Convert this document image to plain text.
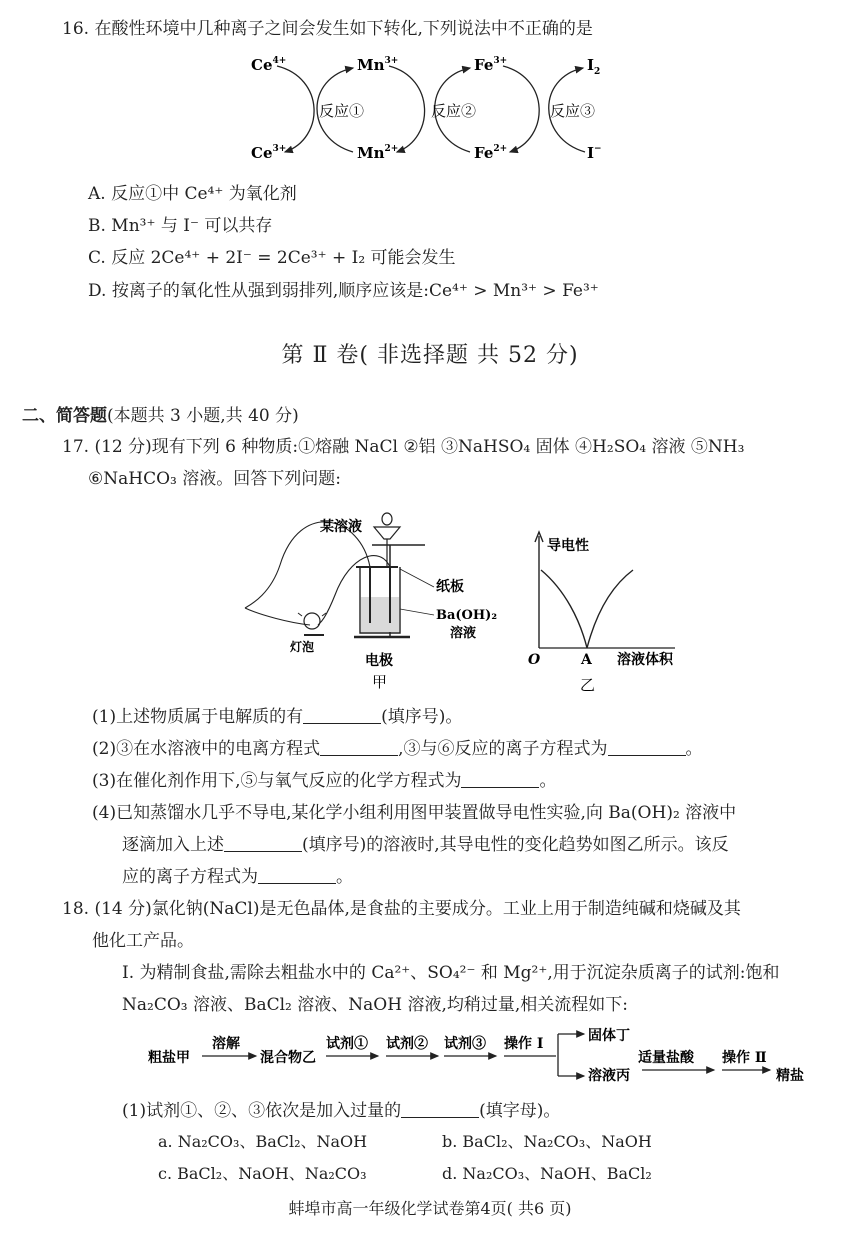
16. 在酸性环境中几种离子之间会发生如下转化,下列说法中不正确的是
$Ce^{4+}$	$Mn^{3+}$	$Fe^{3+}$	$I_2$
$Ce^{3+}$	$Mn^{2+}$	$Fe^{2+}$	I−
反应①	反应②	反应③
A. 反应①中 Ce⁴⁺ 为氧化剂
B. Mn³⁺ 与 I⁻ 可以共存
C. 反应 2Ce⁴⁺ + 2I⁻ = 2Ce³⁺ + I₂ 可能会发生
D. 按离子的氧化性从强到弱排列,顺序应该是:Ce⁴⁺ > Mn³⁺ > Fe³⁺
第 Ⅱ 卷( 非选择题 共 52 分)
二、简答题(本题共 3 小题,共 40 分)
17. (12 分)现有下列 6 种物质:①熔融 NaCl ②铝 ③NaHSO₄ 固体 ④H₂SO₄ 溶液 ⑤NH₃
⑥NaHCO₃ 溶液。回答下列问题:
某溶液
纸板
Ba(OH)₂
溶液
灯泡
电极
甲
导电性
O	A 溶液体积
乙
(1)上述物质属于电解质的有	(填序号)。
(2)③在水溶液中的电离方程式	,③与⑥反应的离子方程式为	。
(3)在催化剂作用下,⑤与氧气反应的化学方程式为	。
(4)已知蒸馏水几乎不导电,某化学小组利用图甲装置做导电性实验,向 Ba(OH)₂ 溶液中
逐滴加入上述	(填序号)的溶液时,其导电性的变化趋势如图乙所示。该反
应的离子方程式为	。
18. (14 分)氯化钠(NaCl)是无色晶体,是食盐的主要成分。工业上用于制造纯碱和烧碱及其
他化工产品。
Ⅰ. 为精制食盐,需除去粗盐水中的 Ca²⁺、SO₄²⁻ 和 Mg²⁺,用于沉淀杂质离子的试剂:饱和
Na₂CO₃ 溶液、BaCl₂ 溶液、NaOH 溶液,均稍过量,相关流程如下:
粗盐甲
溶解
混合物乙
试剂① 试剂② 试剂③ 操作 Ⅰ	固体丁
溶液丙
适量盐酸 操作 Ⅱ
精盐
(1)试剂①、②、③依次是加入过量的	(填字母)。
a. Na₂CO₃、BaCl₂、NaOH	b. BaCl₂、Na₂CO₃、NaOH
c. BaCl₂、NaOH、Na₂CO₃	d. Na₂CO₃、NaOH、BaCl₂
蚌埠市高一年级化学试卷第4页( 共6 页)
